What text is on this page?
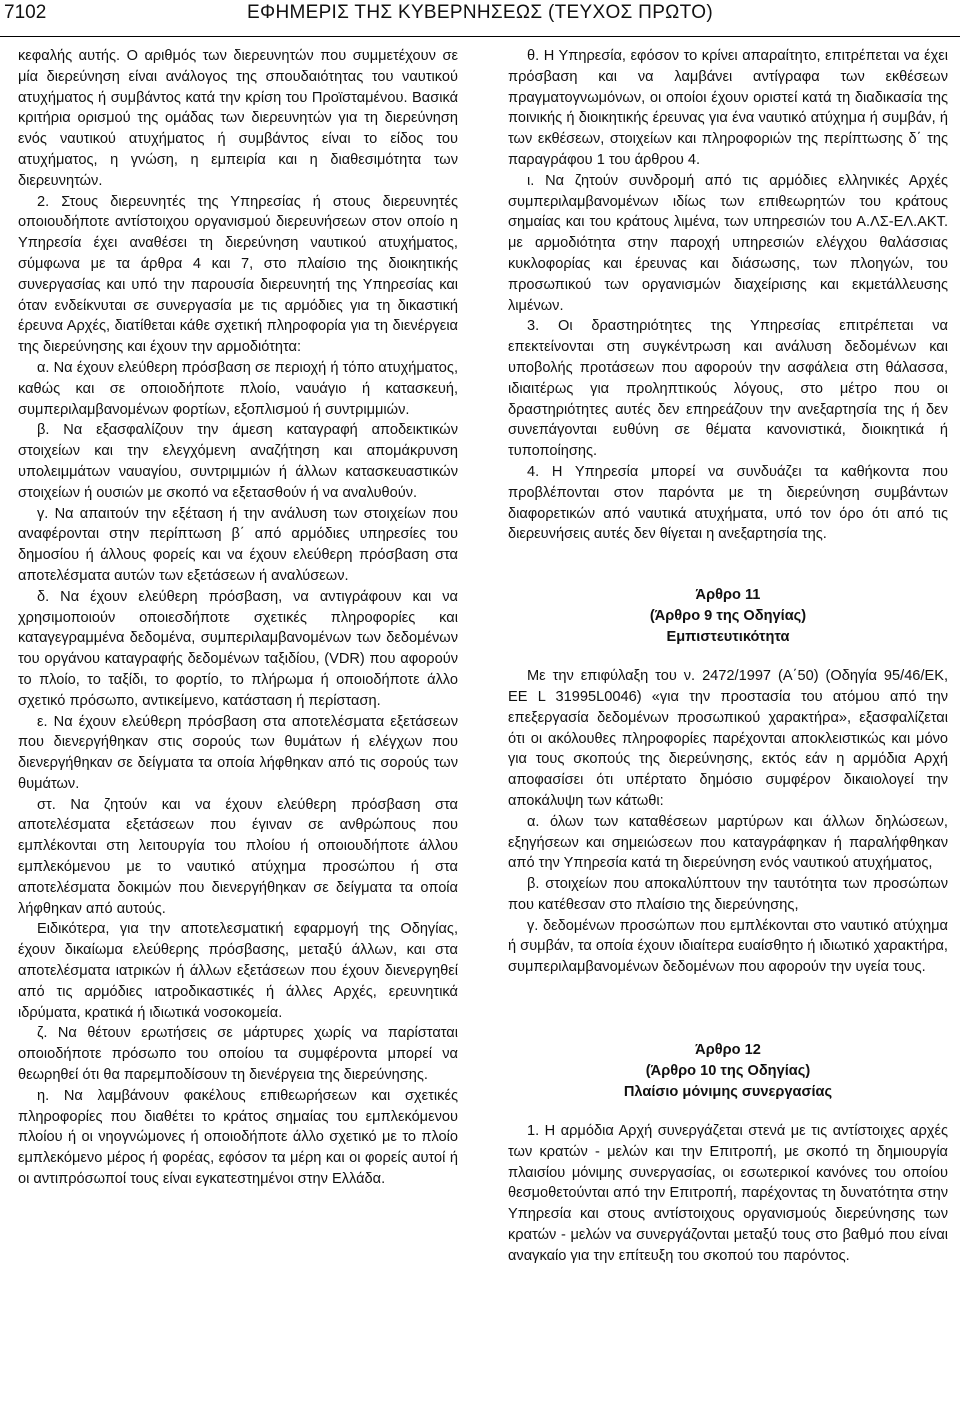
7102	ΕΦΗΜΕΡΙΣ ΤΗΣ ΚΥΒΕΡΝΗΣΕΩΣ (ΤΕΥΧΟΣ ΠΡΩΤΟ)

κεφαλής αυτής. Ο αριθμός των διερευνητών που συμμετέχουν σε μία διερεύνηση είναι ανάλογος της σπουδαιότητας του ναυτικού ατυχήματος ή συμβάντος κατά την κρίση του Προϊσταμένου. Βασικά κριτήρια ορισμού της ομάδας των διερευνητών για τη διερεύνηση ενός ναυτικού ατυχήματος ή συμβάντος είναι το είδος του ατυχήματος, η γνώση, η εμπειρία και η διαθεσιμότητα των διερευνητών.

2. Στους διερευνητές της Υπηρεσίας ή στους διερευνητές οποιουδήποτε αντίστοιχου οργανισμού διερευνήσεων στον οποίο η Υπηρεσία έχει αναθέσει τη διερεύνηση ναυτικού ατυχήματος, σύμφωνα με τα άρθρα 4 και 7, στο πλαίσιο της διοικητικής συνεργασίας και υπό την παρουσία διερευνητή της Υπηρεσίας και όταν ενδείκνυται σε συνεργασία με τις αρμόδιες για τη δικαστική έρευνα Αρχές, διατίθεται κάθε σχετική πληροφορία για τη διενέργεια της διερεύνησης και έχουν την αρμοδιότητα:

α. Να έχουν ελεύθερη πρόσβαση σε περιοχή ή τόπο ατυχήματος, καθώς και σε οποιοδήποτε πλοίο, ναυάγιο ή κατασκευή, συμπεριλαμβανομένων φορτίων, εξοπλισμού ή συντριμμιών.

β. Να εξασφαλίζουν την άμεση καταγραφή αποδεικτικών στοιχείων και την ελεγχόμενη αναζήτηση και απομάκρυνση υπολειμμάτων ναυαγίου, συντριμμιών ή άλλων κατασκευαστικών στοιχείων ή ουσιών με σκοπό να εξετασθούν ή να αναλυθούν.

γ. Να απαιτούν την εξέταση ή την ανάλυση των στοιχείων που αναφέρονται στην περίπτωση β΄ από αρμόδιες υπηρεσίες του δημοσίου ή άλλους φορείς και να έχουν ελεύθερη πρόσβαση στα αποτελέσματα αυτών των εξετάσεων ή αναλύσεων.

δ. Να έχουν ελεύθερη πρόσβαση, να αντιγράφουν και να χρησιμοποιούν οποιεσδήποτε σχετικές πληροφορίες και καταγεγραμμένα δεδομένα, συμπεριλαμβανομένων των δεδομένων του οργάνου καταγραφής δεδομένων ταξιδίου, (VDR) που αφορούν το πλοίο, το ταξίδι, το φορτίο, το πλήρωμα ή οποιοδήποτε άλλο σχετικό πρόσωπο, αντικείμενο, κατάσταση ή περίσταση.

ε. Να έχουν ελεύθερη πρόσβαση στα αποτελέσματα εξετάσεων που διενεργήθηκαν στις σορούς των θυμάτων ή ελέγχων που διενεργήθηκαν σε δείγματα τα οποία λήφθηκαν από τις σορούς των θυμάτων.

στ. Να ζητούν και να έχουν ελεύθερη πρόσβαση στα αποτελέσματα εξετάσεων που έγιναν σε ανθρώπους που εμπλέκονται στη λειτουργία του πλοίου ή οποιουδήποτε άλλου εμπλεκόμενου με το ναυτικό ατύχημα προσώπου ή στα αποτελέσματα δοκιμών που διενεργήθηκαν σε δείγματα τα οποία λήφθηκαν από αυτούς.

Ειδικότερα, για την αποτελεσματική εφαρμογή της Οδηγίας, έχουν δικαίωμα ελεύθερης πρόσβασης, μεταξύ άλλων, και στα αποτελέσματα ιατρικών ή άλλων εξετάσεων που έχουν διενεργηθεί από τις αρμόδιες ιατροδικαστικές ή άλλες Αρχές, ερευνητικά ιδρύματα, κρατικά ή ιδιωτικά νοσοκομεία.

ζ. Να θέτουν ερωτήσεις σε μάρτυρες χωρίς να παρίσταται οποιοδήποτε πρόσωπο του οποίου τα συμφέροντα μπορεί να θεωρηθεί ότι θα παρεμποδίσουν τη διενέργεια της διερεύνησης.

η. Να λαμβάνουν φακέλους επιθεωρήσεων και σχετικές πληροφορίες που διαθέτει το κράτος σημαίας του εμπλεκόμενου πλοίου ή οι νηογνώμονες ή οποιοδήποτε άλλο σχετικό με το πλοίο εμπλεκόμενο μέρος ή φορέας, εφόσον τα μέρη και οι φορείς αυτοί ή οι αντιπρόσωποί τους είναι εγκατεστημένοι στην Ελλάδα.

θ. Η Υπηρεσία, εφόσον το κρίνει απαραίτητο, επιτρέπεται να έχει πρόσβαση και να λαμβάνει αντίγραφα των εκθέσεων πραγματογνωμόνων, οι οποίοι έχουν οριστεί κατά τη διαδικασία της ποινικής ή διοικητικής έρευνας για ένα ναυτικό ατύχημα ή συμβάν, ή των εκθέσεων, στοιχείων και πληροφοριών της περίπτωσης δ΄ της παραγράφου 1 του άρθρου 4.

ι. Να ζητούν συνδρομή από τις αρμόδιες ελληνικές Αρχές συμπεριλαμβανομένων ιδίως των επιθεωρητών του κράτους σημαίας και του κράτους λιμένα, των υπηρεσιών του Α.ΛΣ-ΕΛ.ΑΚΤ. με αρμοδιότητα στην παροχή υπηρεσιών ελέγχου θαλάσσιας κυκλοφορίας και έρευνας και διάσωσης, των πλοηγών, του προσωπικού των οργανισμών διαχείρισης και εκμετάλλευσης λιμένων.

3. Οι δραστηριότητες της Υπηρεσίας επιτρέπεται να επεκτείνονται στη συγκέντρωση και ανάλυση δεδομένων και υποβολής προτάσεων που αφορούν την ασφάλεια στη θάλασσα, ιδιαιτέρως για προληπτικούς λόγους, στο μέτρο που οι δραστηριότητες αυτές δεν επηρεάζουν την ανεξαρτησία της ή δεν συνεπάγονται ευθύνη σε θέματα κανονιστικά, διοικητικά ή τυποποίησης.

4. Η Υπηρεσία μπορεί να συνδυάζει τα καθήκοντα που προβλέπονται στον παρόντα με τη διερεύνηση συμβάντων διαφορετικών από ναυτικά ατυχήματα, υπό τον όρο ότι από τις διερευνήσεις αυτές δεν θίγεται η ανεξαρτησία της.

Άρθρο 11

(Άρθρο 9 της Οδηγίας)

Εμπιστευτικότητα

Με την επιφύλαξη του ν. 2472/1997 (Α΄50) (Οδηγία 95/46/ΕΚ, ΕΕ L 31995L0046) «για την προστασία του ατόμου από την επεξεργασία δεδομένων προσωπικού χαρακτήρα», εξασφαλίζεται ότι οι ακόλουθες πληροφορίες παρέχονται αποκλειστικώς και μόνο για τους σκοπούς της διερεύνησης, εκτός εάν η αρμόδια Αρχή αποφασίσει ότι υπέρτατο δημόσιο συμφέρον δικαιολογεί την αποκάλυψη των κάτωθι:

α. όλων των καταθέσεων μαρτύρων και άλλων δηλώσεων, εξηγήσεων και σημειώσεων που καταγράφηκαν ή παραλήφθηκαν από την Υπηρεσία κατά τη διερεύνηση ενός ναυτικού ατυχήματος,

β. στοιχείων που αποκαλύπτουν την ταυτότητα των προσώπων που κατέθεσαν στο πλαίσιο της διερεύνησης,

γ. δεδομένων προσώπων που εμπλέκονται στο ναυτικό ατύχημα ή συμβάν, τα οποία έχουν ιδιαίτερα ευαίσθητο ή ιδιωτικό χαρακτήρα, συμπεριλαμβανομένων δεδομένων που αφορούν την υγεία τους.

Άρθρο 12

(Άρθρο 10 της Οδηγίας)

Πλαίσιο μόνιμης συνεργασίας

1. Η αρμόδια Αρχή συνεργάζεται στενά με τις αντίστοιχες αρχές των κρατών - μελών και την Επιτροπή, με σκοπό τη δημιουργία πλαισίου μόνιμης συνεργασίας, οι εσωτερικοί κανόνες του οποίου θεσμοθετούνται από την Επιτροπή, παρέχοντας τη δυνατότητα στην Υπηρεσία και στους αντίστοιχους οργανισμούς διερεύνησης των κρατών - μελών να συνεργάζονται μεταξύ τους στο βαθμό που είναι αναγκαίο για την επίτευξη του σκοπού του παρόντος.
